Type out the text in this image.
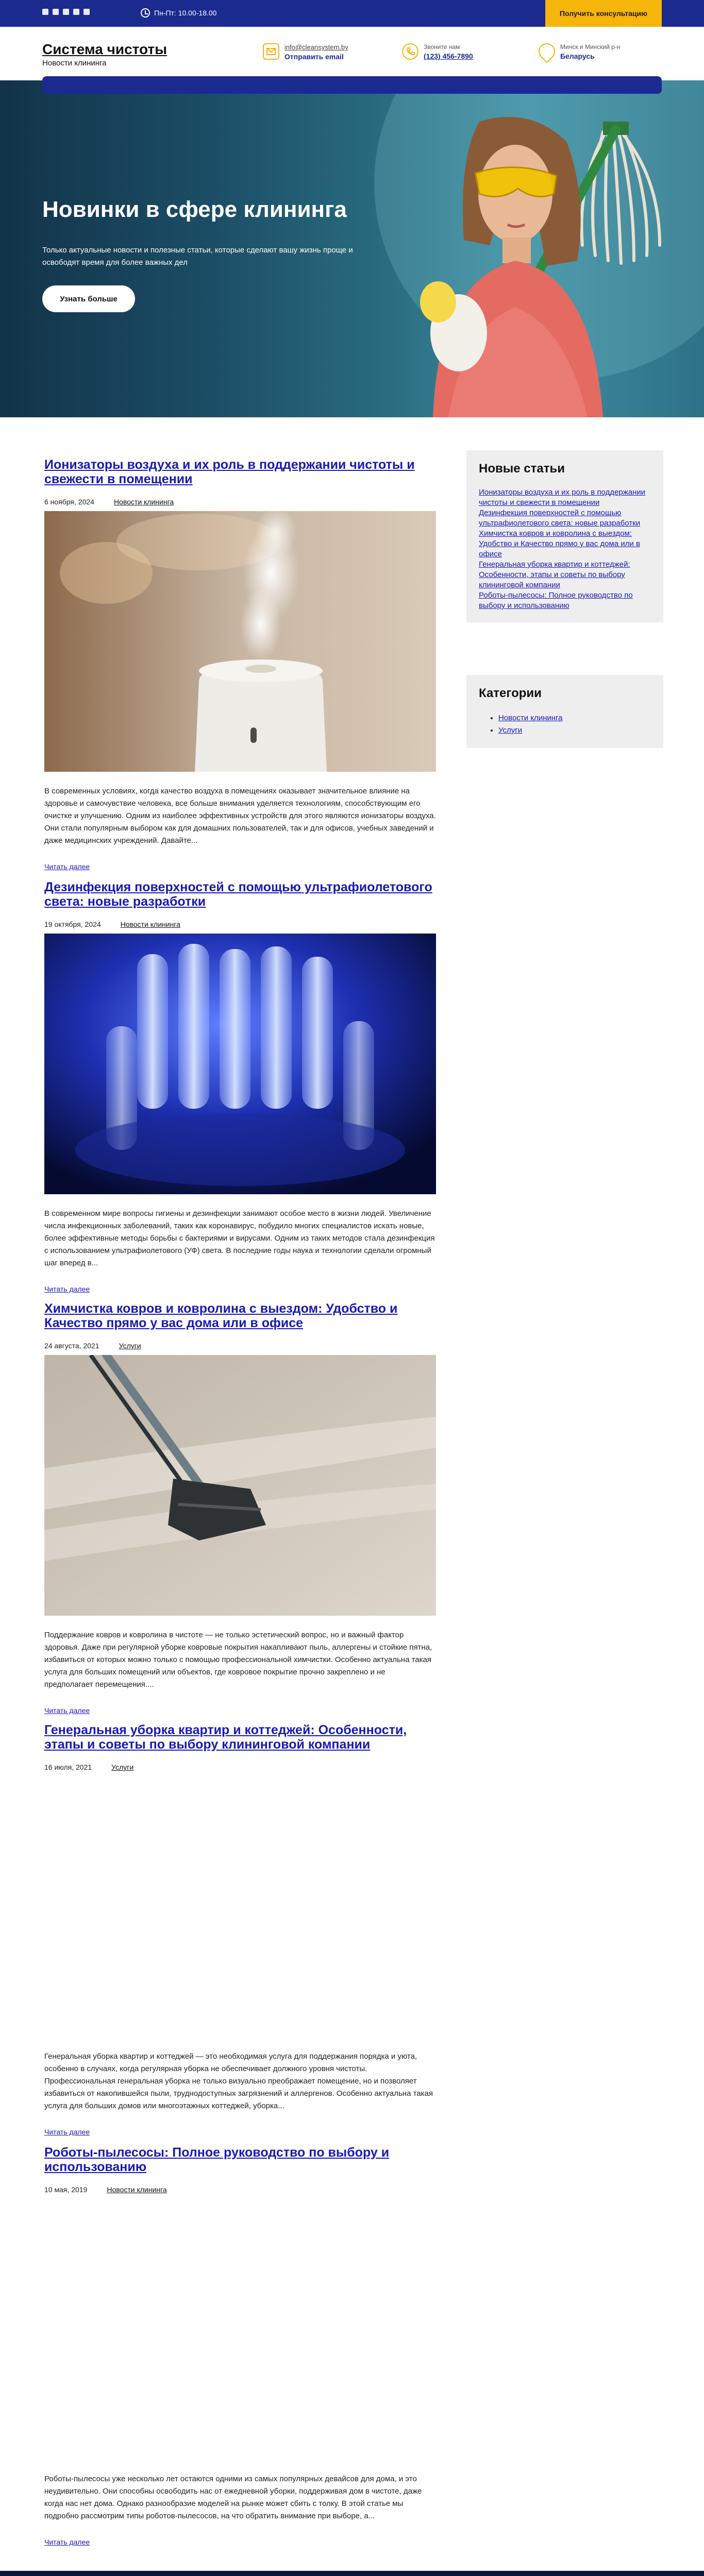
Пн-Пт: 10.00-18.00	Получить консультацию
Система чистоты
Новости клининга
info@cleansystem.by
Отправить email
Звоните нам
(123) 456-7890
Минск и Минский р-н
Беларусь
Новинки в сфере клининга

Только актуальные новости и полезные статьи, которые сделают вашу жизнь проще и освободят время для более важных дел

Узнать больше
Ионизаторы воздуха и их роль в поддержании чистоты и свежести в помещении
6 ноября, 2024	Новости клининга

В современных условиях, когда качество воздуха в помещениях оказывает значительное влияние на здоровье и самочувствие человека, все больше внимания уделяется технологиям, способствующим его очистке и улучшению. Одним из наиболее эффективных устройств для этого являются ионизаторы воздуха. Они стали популярным выбором как для домашних пользователей, так и для офисов, учебных заведений и даже медицинских учреждений. Давайте...

Читать далее
Дезинфекция поверхностей с помощью ультрафиолетового света: новые разработки
19 октября, 2024	Новости клининга

В современном мире вопросы гигиены и дезинфекции занимают особое место в жизни людей. Увеличение числа инфекционных заболеваний, таких как коронавирус, побудило многих специалистов искать новые, более эффективные методы борьбы с бактериями и вирусами. Одним из таких методов стала дезинфекция с использованием ультрафиолетового (УФ) света. В последние годы наука и технологии сделали огромный шаг вперед в...

Читать далее
Химчистка ковров и ковролина с выездом: Удобство и Качество прямо у вас дома или в офисе
24 августа, 2021	Услуги

Поддержание ковров и ковролина в чистоте — не только эстетический вопрос, но и важный фактор здоровья. Даже при регулярной уборке ковровые покрытия накапливают пыль, аллергены и стойкие пятна, избавиться от которых можно только с помощью профессиональной химчистки. Особенно актуальна такая услуга для больших помещений или объектов, где ковровое покрытие прочно закреплено и не предполагает перемещения....

Читать далее
Генеральная уборка квартир и коттеджей: Особенности, этапы и советы по выбору клининговой компании
16 июля, 2021	Услуги

Генеральная уборка квартир и коттеджей — это необходимая услуга для поддержания порядка и уюта, особенно в случаях, когда регулярная уборка не обеспечивает должного уровня чистоты. Профессиональная генеральная уборка не только визуально преображает помещение, но и позволяет избавиться от накопившейся пыли, труднодоступных загрязнений и аллергенов. Особенно актуальна такая услуга для больших домов или многоэтажных коттеджей, уборка...

Читать далее
Роботы-пылесосы: Полное руководство по выбору и использованию
10 мая, 2019	Новости клининга

Роботы-пылесосы уже несколько лет остаются одними из самых популярных девайсов для дома, и это неудивительно. Они способны освободить нас от ежедневной уборки, поддерживая дом в чистоте, даже когда нас нет дома. Однако разнообразие моделей на рынке может сбить с толку. В этой статье мы подробно рассмотрим типы роботов-пылесосов, на что обратить внимание при выборе, а...

Читать далее
Новые статьи
Ионизаторы воздуха и их роль в поддержании чистоты и свежести в помещении
Дезинфекция поверхностей с помощью ультрафиолетового света: новые разработки
Химчистка ковров и ковролина с выездом: Удобство и Качество прямо у вас дома или в офисе
Генеральная уборка квартир и коттеджей: Особенности, этапы и советы по выбору клининговой компании
Роботы-пылесосы: Полное руководство по выбору и использованию
Категории
• Новости клининга
• Услуги
